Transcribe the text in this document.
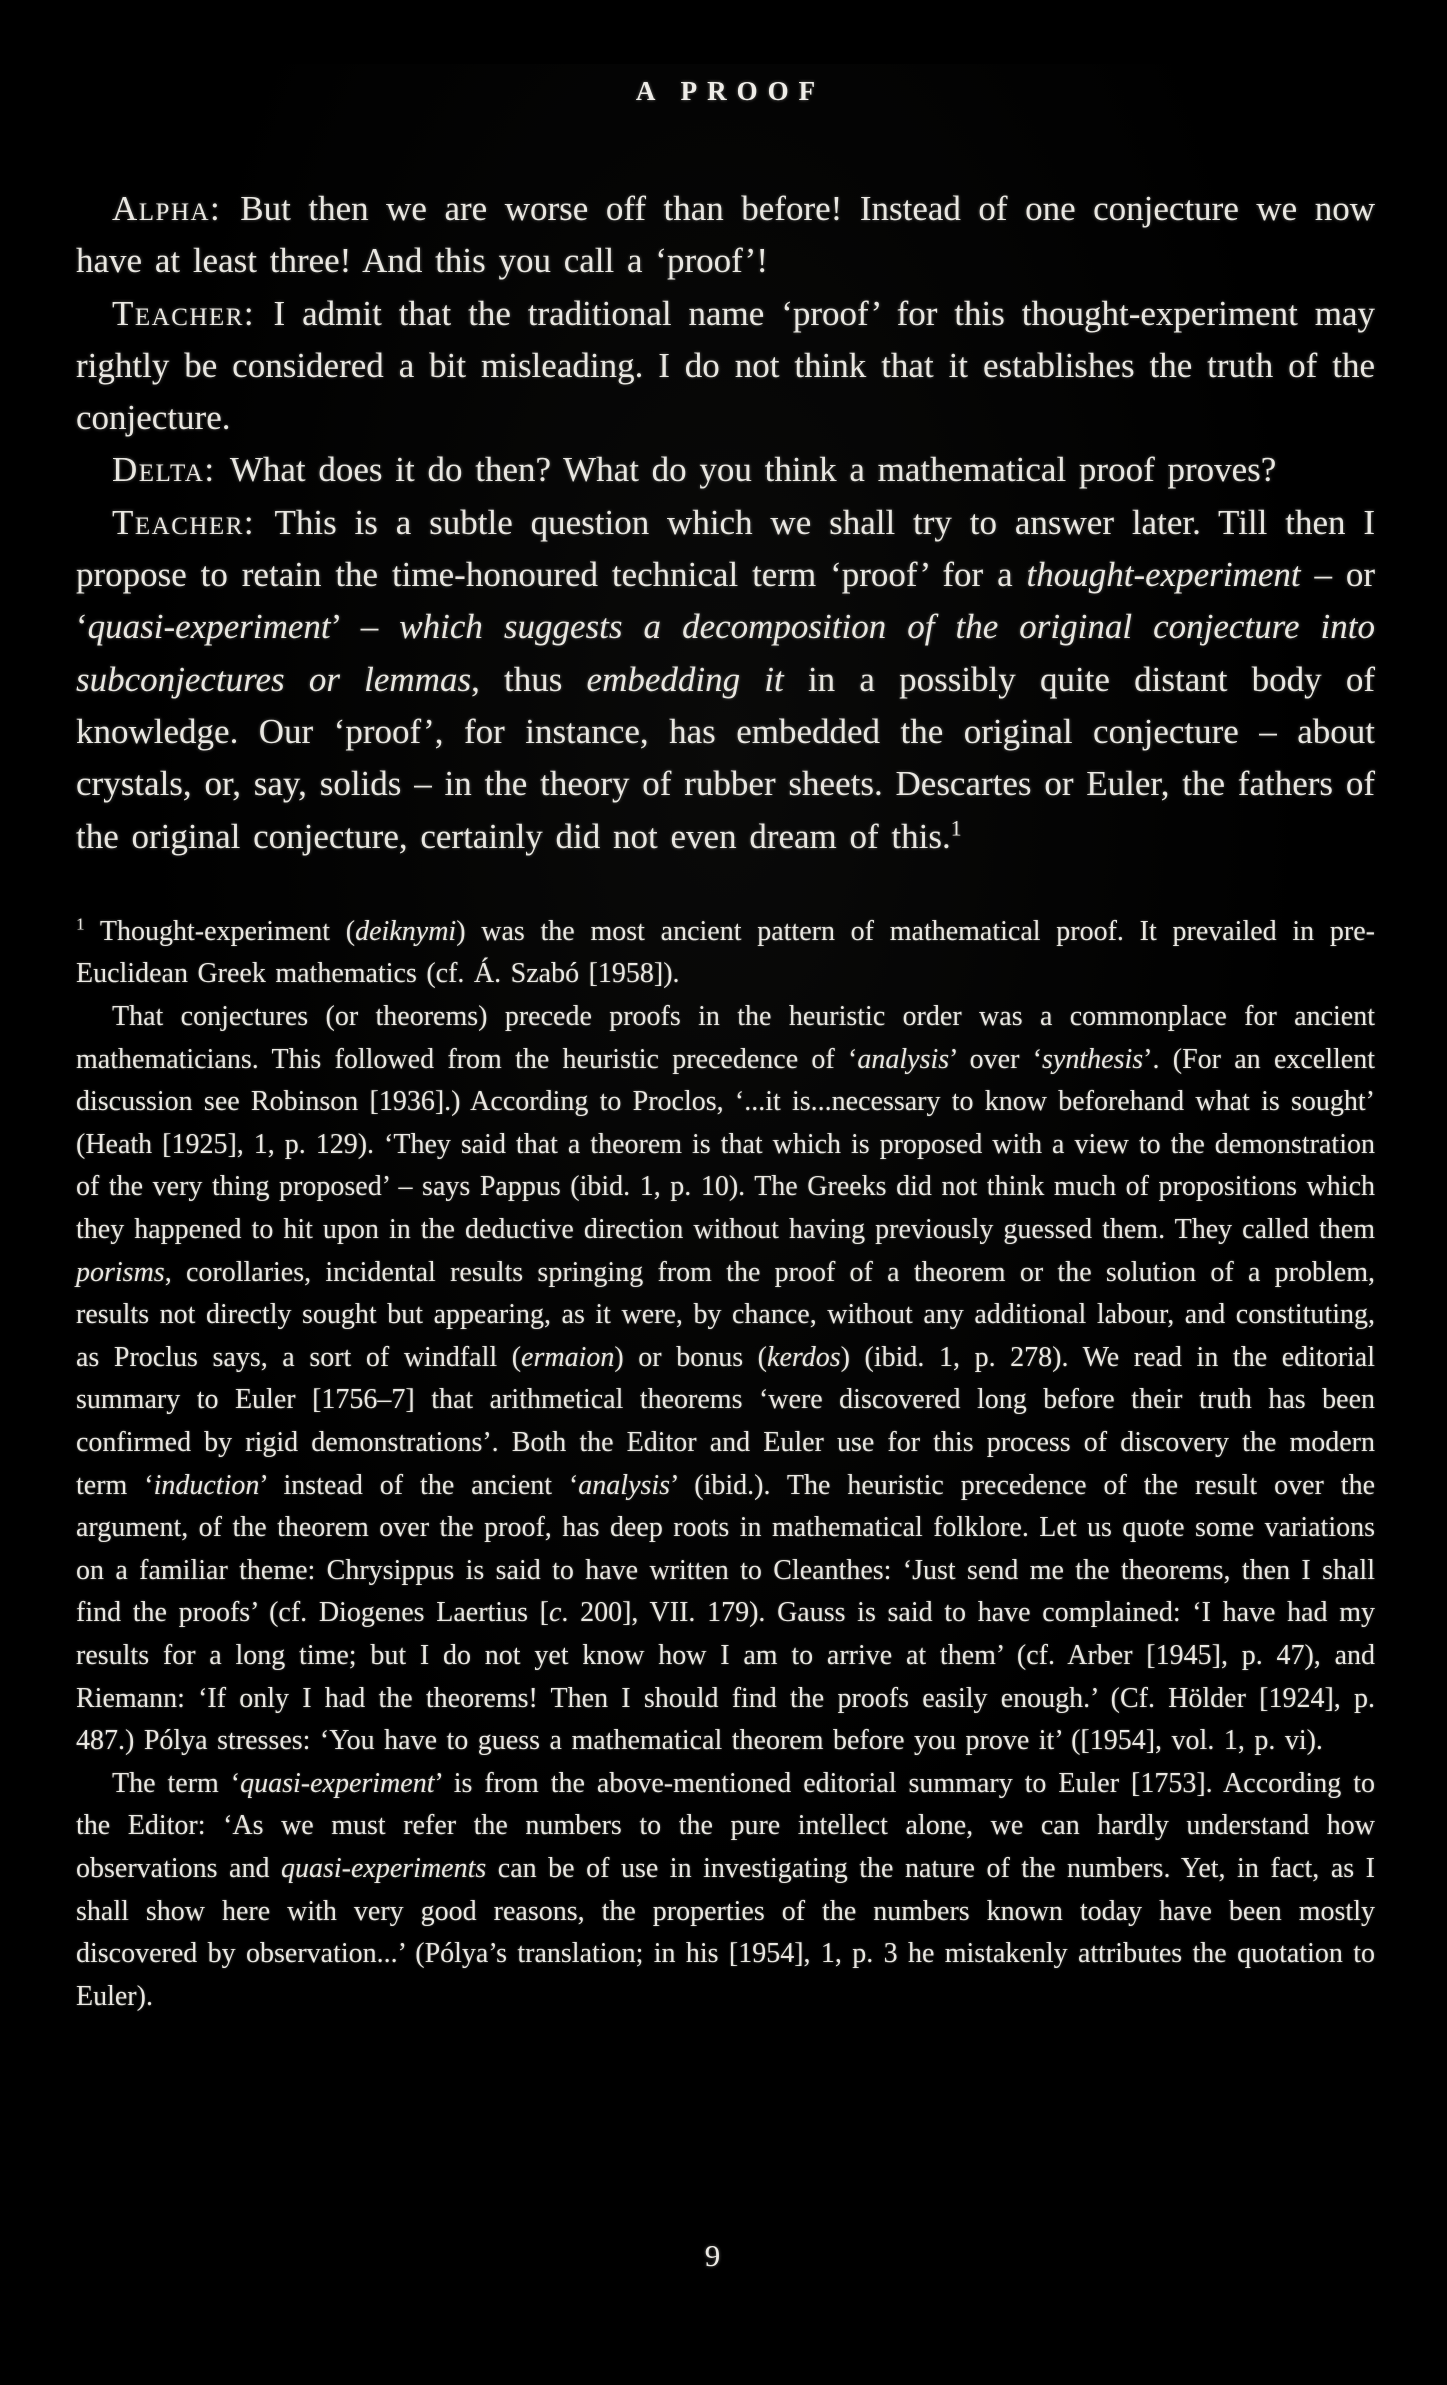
A PROOF

Alpha: But then we are worse off than before! Instead of one conjecture we now have at least three! And this you call a ‘proof’!

Teacher: I admit that the traditional name ‘proof’ for this thought-experiment may rightly be considered a bit misleading. I do not think that it establishes the truth of the conjecture.

Delta: What does it do then? What do you think a mathematical proof proves?

Teacher: This is a subtle question which we shall try to answer later. Till then I propose to retain the time-honoured technical term ‘proof’ for a thought-experiment – or ‘quasi-experiment’ – which suggests a decomposition of the original conjecture into subconjectures or lemmas, thus embedding it in a possibly quite distant body of knowledge. Our ‘proof’, for instance, has embedded the original conjecture – about crystals, or, say, solids – in the theory of rubber sheets. Descartes or Euler, the fathers of the original conjecture, certainly did not even dream of this.$^1$

$^1$ Thought-experiment (deiknymi) was the most ancient pattern of mathematical proof. It prevailed in pre-Euclidean Greek mathematics (cf. Á. Szabó [1958]).

That conjectures (or theorems) precede proofs in the heuristic order was a commonplace for ancient mathematicians. This followed from the heuristic precedence of ‘analysis’ over ‘synthesis’. (For an excellent discussion see Robinson [1936].) According to Proclos, ‘...it is...necessary to know beforehand what is sought’ (Heath [1925], 1, p. 129). ‘They said that a theorem is that which is proposed with a view to the demonstration of the very thing proposed’ – says Pappus (ibid. 1, p. 10). The Greeks did not think much of propositions which they happened to hit upon in the deductive direction without having previously guessed them. They called them porisms, corollaries, incidental results springing from the proof of a theorem or the solution of a problem, results not directly sought but appearing, as it were, by chance, without any additional labour, and constituting, as Proclus says, a sort of windfall (ermaion) or bonus (kerdos) (ibid. 1, p. 278). We read in the editorial summary to Euler [1756–7] that arithmetical theorems ‘were discovered long before their truth has been confirmed by rigid demonstrations’. Both the Editor and Euler use for this process of discovery the modern term ‘induction’ instead of the ancient ‘analysis’ (ibid.). The heuristic precedence of the result over the argument, of the theorem over the proof, has deep roots in mathematical folklore. Let us quote some variations on a familiar theme: Chrysippus is said to have written to Cleanthes: ‘Just send me the theorems, then I shall find the proofs’ (cf. Diogenes Laertius [c. 200], VII. 179). Gauss is said to have complained: ‘I have had my results for a long time; but I do not yet know how I am to arrive at them’ (cf. Arber [1945], p. 47), and Riemann: ‘If only I had the theorems! Then I should find the proofs easily enough.’ (Cf. Hölder [1924], p. 487.) Pólya stresses: ‘You have to guess a mathematical theorem before you prove it’ ([1954], vol. 1, p. vi).

The term ‘quasi-experiment’ is from the above-mentioned editorial summary to Euler [1753]. According to the Editor: ‘As we must refer the numbers to the pure intellect alone, we can hardly understand how observations and quasi-experiments can be of use in investigating the nature of the numbers. Yet, in fact, as I shall show here with very good reasons, the properties of the numbers known today have been mostly discovered by observation...’ (Pólya’s translation; in his [1954], 1, p. 3 he mistakenly attributes the quotation to Euler).

9
